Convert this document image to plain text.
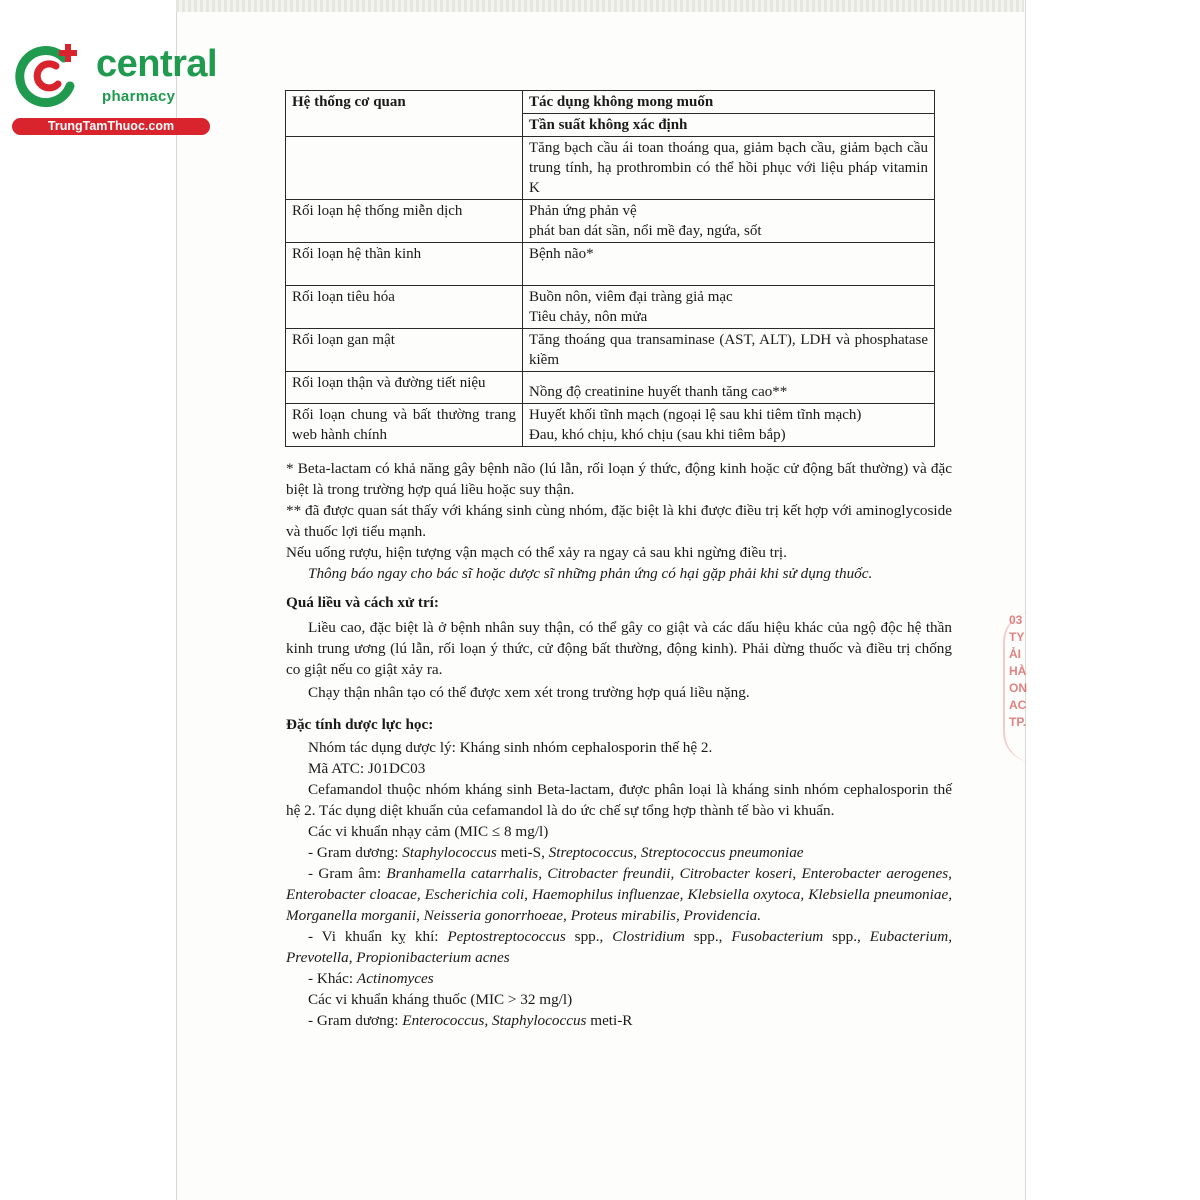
central
pharmacy
TrungTamThuoc.com
Hệ thống cơ quan	Tác dụng không mong muốn
	Tần suất không xác định

	Tăng bạch cầu ái toan thoáng qua, giảm bạch cầu, giảm bạch cầu trung tính, hạ prothrombin có thể hồi phục với liệu pháp vitamin K

Rối loạn hệ thống miễn dịch	Phản ứng phản vệ
phát ban dát sần, nổi mề đay, ngứa, sốt

Rối loạn hệ thần kinh	Bệnh não*

Rối loạn tiêu hóa	Buồn nôn, viêm đại tràng giả mạc
Tiêu chảy, nôn mửa

Rối loạn gan mật	Tăng thoáng qua transaminase (AST, ALT), LDH và phosphatase kiềm

Rối loạn thận và đường tiết niệu	Nồng độ creatinine huyết thanh tăng cao**

Rối loạn chung và bất thường trang web hành chính	Huyết khối tĩnh mạch (ngoại lệ sau khi tiêm tĩnh mạch)
Đau, khó chịu, khó chịu (sau khi tiêm bắp)

* Beta-lactam có khả năng gây bệnh não (lú lẫn, rối loạn ý thức, động kinh hoặc cử động bất thường) và đặc biệt là trong trường hợp quá liều hoặc suy thận.

** đã được quan sát thấy với kháng sinh cùng nhóm, đặc biệt là khi được điều trị kết hợp với aminoglycoside và thuốc lợi tiểu mạnh.

Nếu uống rượu, hiện tượng vận mạch có thể xảy ra ngay cả sau khi ngừng điều trị.

Thông báo ngay cho bác sĩ hoặc dược sĩ những phản ứng có hại gặp phải khi sử dụng thuốc.

Quá liều và cách xử trí:

Liều cao, đặc biệt là ở bệnh nhân suy thận, có thể gây co giật và các dấu hiệu khác của ngộ độc hệ thần kinh trung ương (lú lẫn, rối loạn ý thức, cử động bất thường, động kinh). Phải dừng thuốc và điều trị chống co giật nếu co giật xảy ra.

Chạy thận nhân tạo có thể được xem xét trong trường hợp quá liều nặng.

Đặc tính dược lực học:

Nhóm tác dụng dược lý: Kháng sinh nhóm cephalosporin thế hệ 2.

Mã ATC: J01DC03

Cefamandol thuộc nhóm kháng sinh Beta-lactam, được phân loại là kháng sinh nhóm cephalosporin thế hệ 2. Tác dụng diệt khuẩn của cefamandol là do ức chế sự tổng hợp thành tế bào vi khuẩn.

Các vi khuẩn nhạy cảm (MIC ≤ 8 mg/l)

- Gram dương: Staphylococcus meti-S, Streptococcus, Streptococcus pneumoniae

- Gram âm: Branhamella catarrhalis, Citrobacter freundii, Citrobacter koseri, Enterobacter aerogenes, Enterobacter cloacae, Escherichia coli, Haemophilus influenzae, Klebsiella oxytoca, Klebsiella pneumoniae, Morganella morganii, Neisseria gonorrhoeae, Proteus mirabilis, Providencia.

- Vi khuẩn kỵ khí: Peptostreptococcus spp., Clostridium spp., Fusobacterium spp., Eubacterium, Prevotella, Propionibacterium acnes

- Khác: Actinomyces

Các vi khuẩn kháng thuốc (MIC > 32 mg/l)

- Gram dương: Enterococcus, Staphylococcus meti-R

03
TY
ẢI
HÀ
ON
AC
TP.
